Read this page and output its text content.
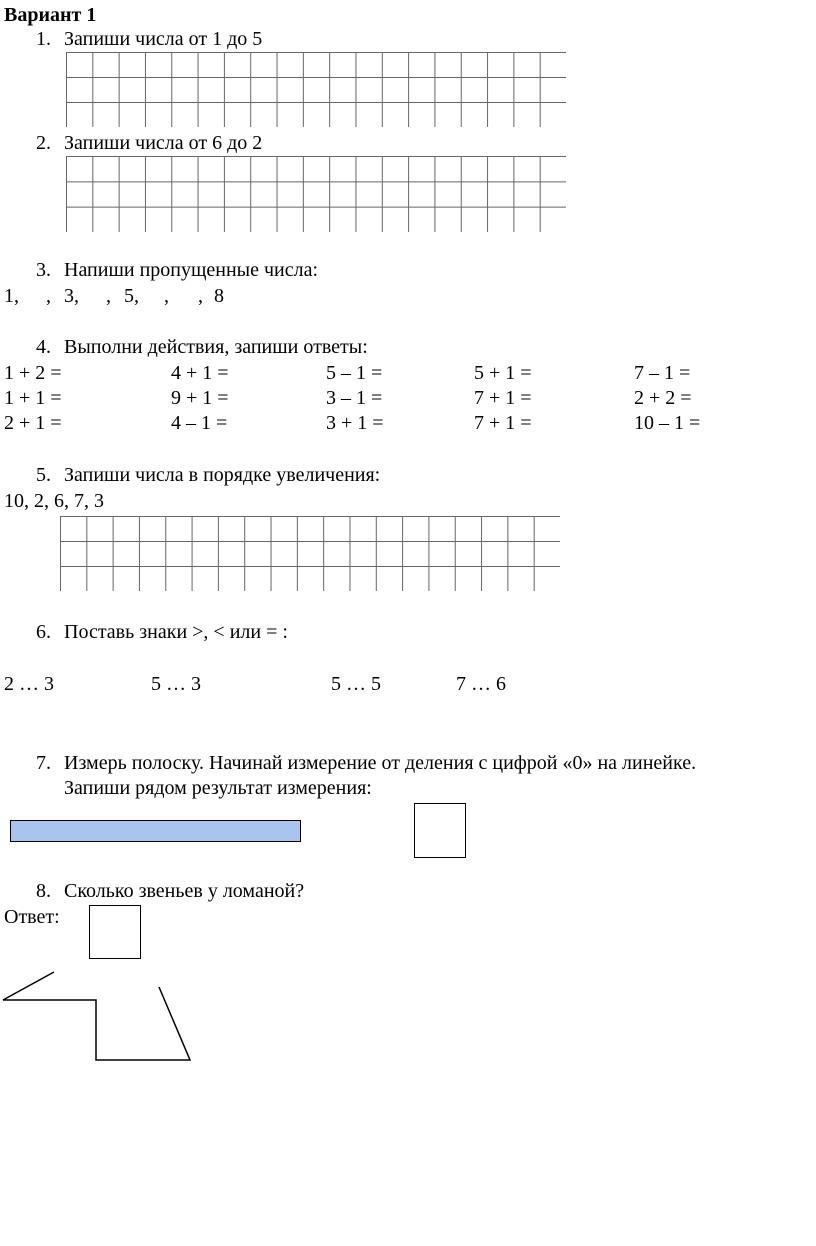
Вариант 1
1. Запиши числа от 1 до 5
2. Запиши числа от 6 до 2
3. Напиши пропущенные числа:
1, , 3, , 5, , , 8
4. Выполни действия, запиши ответы:
1 + 2 =	4 + 1 =	5 – 1 =	5 + 1 =	7 – 1 =
1 + 1 =	9 + 1 =	3 – 1 =	7 + 1 =	2 + 2 =
2 + 1 =	4 – 1 =	3 + 1 =	7 + 1 =	10 – 1 =
5. Запиши числа в порядке увеличения:
10, 2, 6, 7, 3
6. Поставь знаки >, < или = :
2 … 3	5 … 3	5 … 5	7 … 6
7. Измерь полоску. Начинай измерение от деления с цифрой «0» на линейке.
Запиши рядом результат измерения:
8. Сколько звеньев у ломаной?
Ответ:
